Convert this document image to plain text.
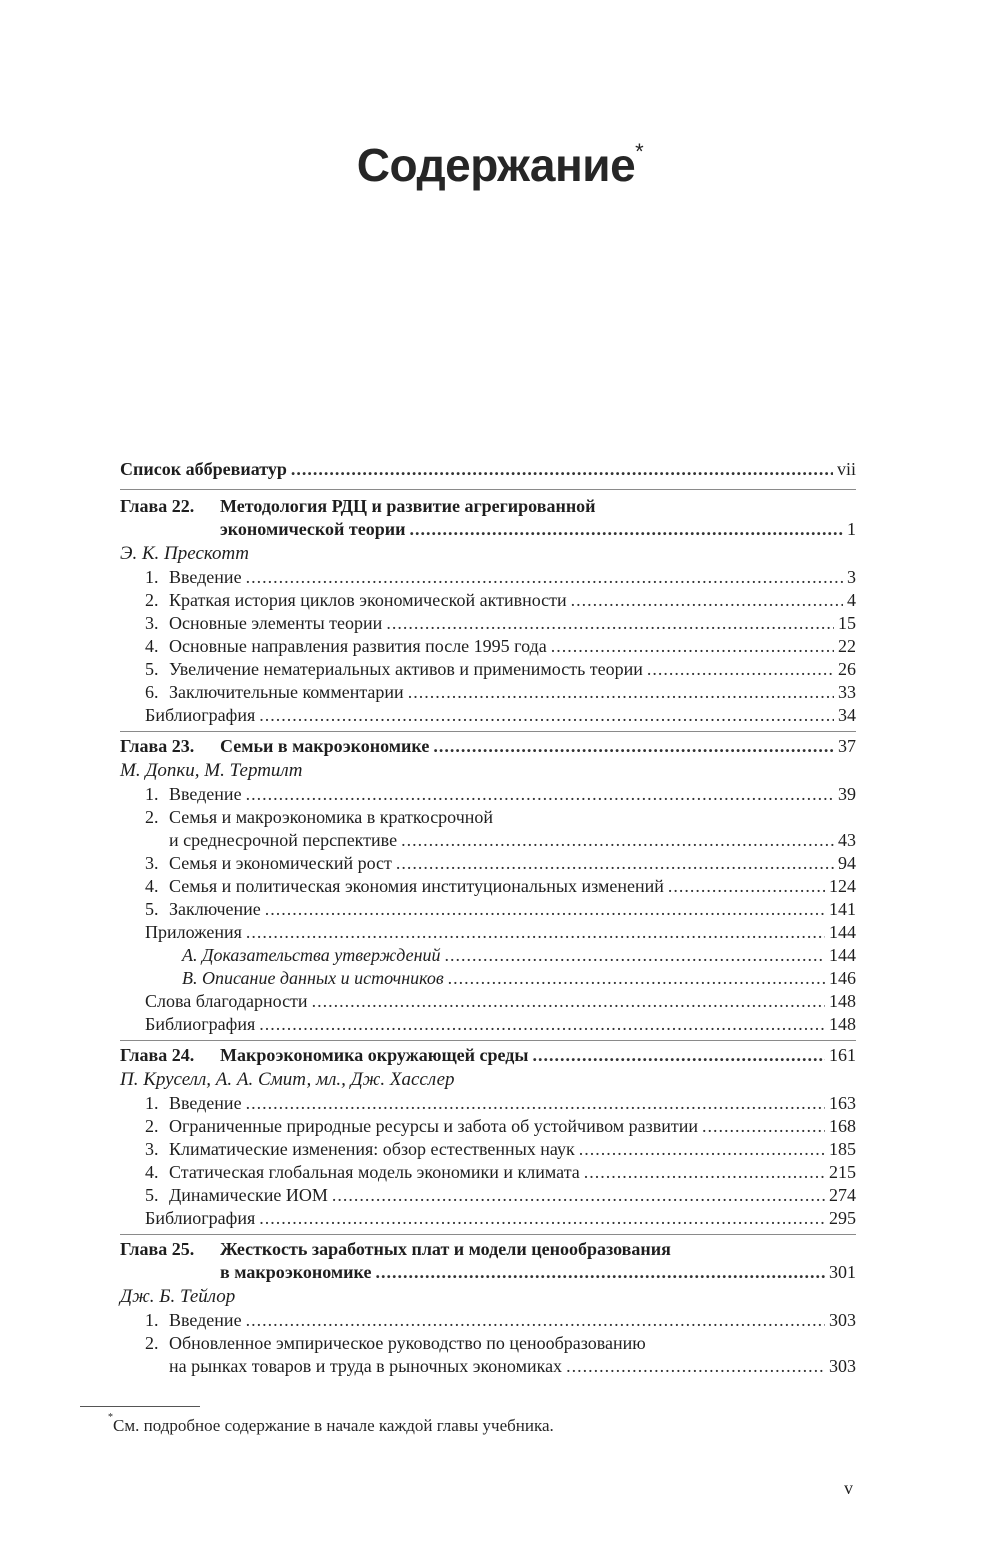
Содержание*
Список аббревиатур .....	vii
Глава 22.	Методология РДЦ и развитие агрегированной
экономической теории .....	1
Э. К. Прескотт
1. Введение .....	3
2. Краткая история циклов экономической активности .....	4
3. Основные элементы теории .....	15
4. Основные направления развития после 1995 года .....	22
5. Увеличение нематериальных активов и применимость теории .....	26
6. Заключительные комментарии .....	33
Библиография .....	34
Глава 23.	Семьи в макроэкономике .....	37
М. Допки, М. Тертилт
1. Введение .....	39
2. Семья и макроэкономика в краткосрочной
и среднесрочной перспективе .....	43
3. Семья и экономический рост .....	94
4. Семья и политическая экономия институциональных изменений .....	124
5. Заключение .....	141
Приложения .....	144
А. Доказательства утверждений .....	144
В. Описание данных и источников .....	146
Слова благодарности .....	148
Библиография .....	148
Глава 24.	Макроэкономика окружающей среды .....	161
П. Круселл, А. А. Смит, мл., Дж. Хасслер
1. Введение .....	163
2. Ограниченные природные ресурсы и забота об устойчивом развитии .....	168
3. Климатические изменения: обзор естественных наук .....	185
4. Статическая глобальная модель экономики и климата .....	215
5. Динамические ИОМ .....	274
Библиография .....	295
Глава 25.	Жесткость заработных плат и модели ценообразования
в макроэкономике .....	301
Дж. Б. Тейлор
1. Введение .....	303
2. Обновленное эмпирическое руководство по ценообразованию
на рынках товаров и труда в рыночных экономиках .....	303
*См. подробное содержание в начале каждой главы учебника.
v
